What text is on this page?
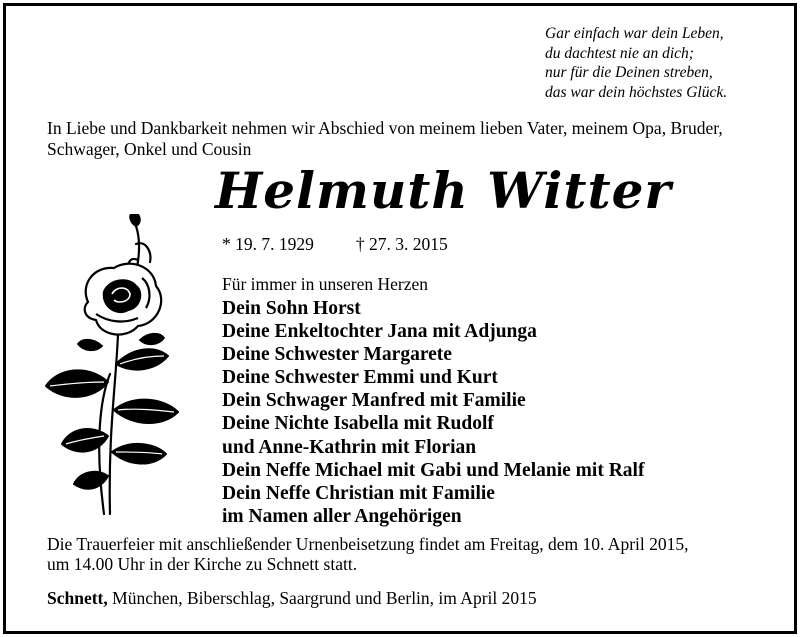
Gar einfach war dein Leben,
du dachtest nie an dich;
nur für die Deinen streben,
das war dein höchstes Glück.
In Liebe und Dankbarkeit nehmen wir Abschied von meinem lieben Vater, meinem Opa, Bruder, Schwager, Onkel und Cousin
Helmuth Witter
* 19. 7. 1929 † 27. 3. 2015
Für immer in unseren Herzen
Dein Sohn Horst
Deine Enkeltochter Jana mit Adjunga
Deine Schwester Margarete
Deine Schwester Emmi und Kurt
Dein Schwager Manfred mit Familie
Deine Nichte Isabella mit Rudolf
und Anne-Kathrin mit Florian
Dein Neffe Michael mit Gabi und Melanie mit Ralf
Dein Neffe Christian mit Familie
im Namen aller Angehörigen
Die Trauerfeier mit anschließender Urnenbeisetzung findet am Freitag, dem 10. April 2015,
um 14.00 Uhr in der Kirche zu Schnett statt.
Schnett, München, Biberschlag, Saargrund und Berlin, im April 2015
